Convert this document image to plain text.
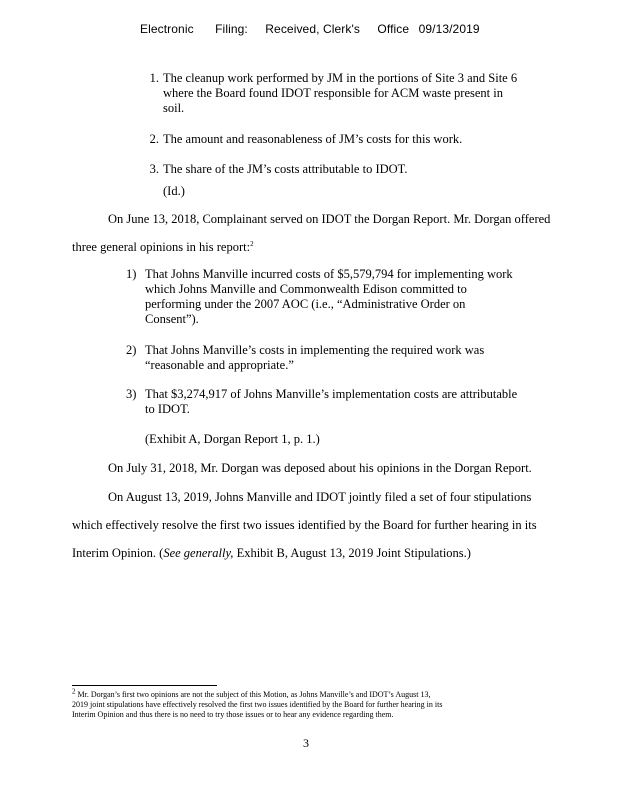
Electronic Filing: Received, Clerk's Office 09/13/2019
1. The cleanup work performed by JM in the portions of Site 3 and Site 6
where the Board found IDOT responsible for ACM waste present in
soil.
2. The amount and reasonableness of JM’s costs for this work.
3. The share of the JM’s costs attributable to IDOT.
(Id.)
On June 13, 2018, Complainant served on IDOT the Dorgan Report. Mr. Dorgan offered
three general opinions in his report:$^2$
1) That Johns Manville incurred costs of $5,579,794 for implementing work
which Johns Manville and Commonwealth Edison committed to
performing under the 2007 AOC (i.e., “Administrative Order on
Consent”).
2) That Johns Manville’s costs in implementing the required work was
“reasonable and appropriate.”
3) That $3,274,917 of Johns Manville’s implementation costs are attributable
to IDOT.
(Exhibit A, Dorgan Report 1, p. 1.)
On July 31, 2018, Mr. Dorgan was deposed about his opinions in the Dorgan Report.
On August 13, 2019, Johns Manville and IDOT jointly filed a set of four stipulations
which effectively resolve the first two issues identified by the Board for further hearing in its
Interim Opinion. (See generally, Exhibit B, August 13, 2019 Joint Stipulations.)
$^2$ Mr. Dorgan’s first two opinions are not the subject of this Motion, as Johns Manville’s and IDOT’s August 13,
2019 joint stipulations have effectively resolved the first two issues identified by the Board for further hearing in its
Interim Opinion and thus there is no need to try those issues or to hear any evidence regarding them.
3
